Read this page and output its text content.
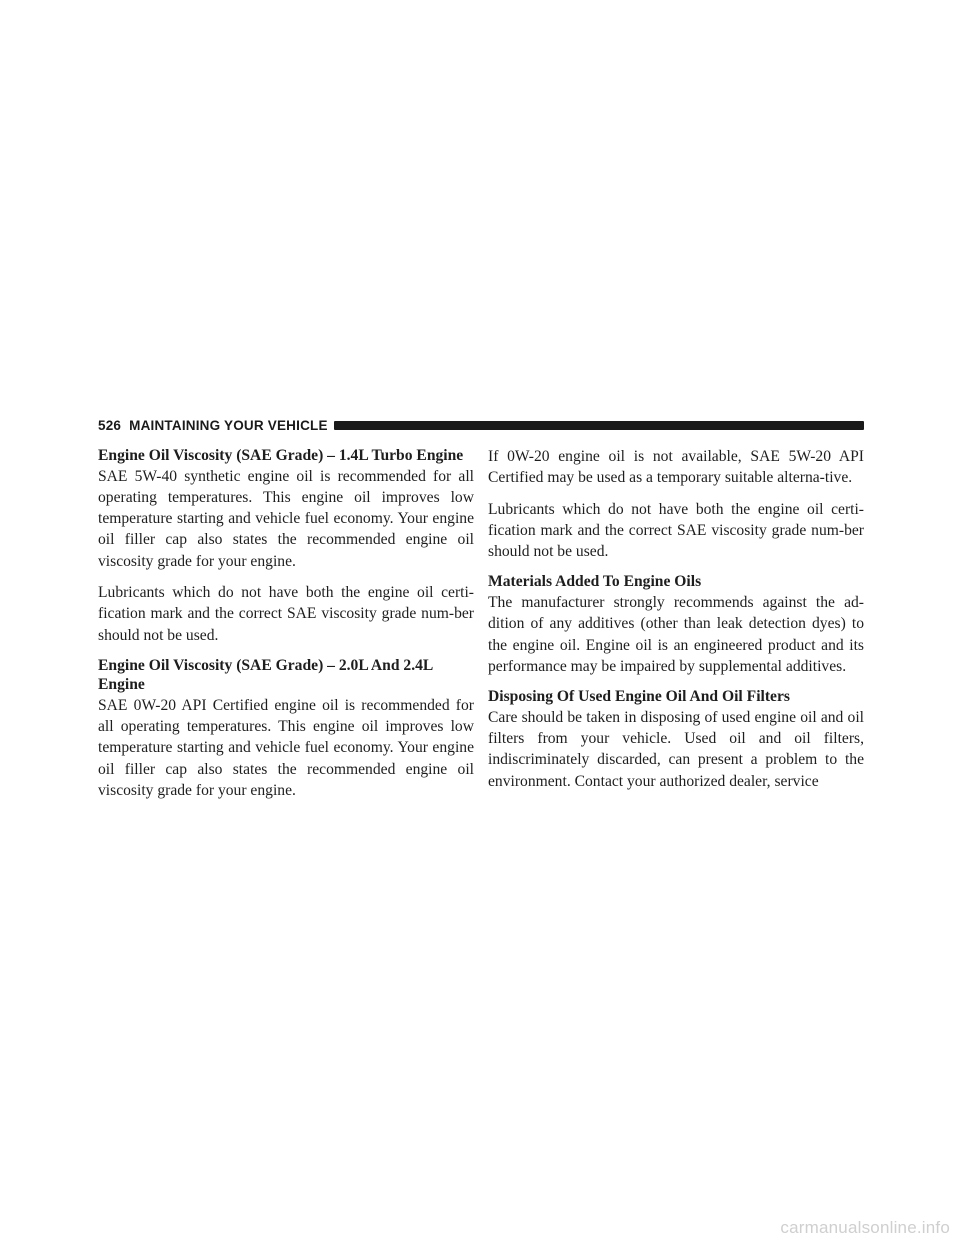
526 MAINTAINING YOUR VEHICLE
Engine Oil Viscosity (SAE Grade) – 1.4L Turbo Engine

SAE 5W-40 synthetic engine oil is recommended for all operating temperatures. This engine oil improves low temperature starting and vehicle fuel economy. Your engine oil filler cap also states the recommended engine oil viscosity grade for your engine.

Lubricants which do not have both the engine oil certi-fication mark and the correct SAE viscosity grade num-ber should not be used.

Engine Oil Viscosity (SAE Grade) – 2.0L And 2.4L Engine

SAE 0W-20 API Certified engine oil is recommended for all operating temperatures. This engine oil improves low temperature starting and vehicle fuel economy. Your engine oil filler cap also states the recommended engine oil viscosity grade for your engine.

If 0W-20 engine oil is not available, SAE 5W-20 API Certified may be used as a temporary suitable alterna-tive.

Lubricants which do not have both the engine oil certi-fication mark and the correct SAE viscosity grade num-ber should not be used.

Materials Added To Engine Oils

The manufacturer strongly recommends against the ad-dition of any additives (other than leak detection dyes) to the engine oil. Engine oil is an engineered product and its performance may be impaired by supplemental additives.

Disposing Of Used Engine Oil And Oil Filters

Care should be taken in disposing of used engine oil and oil filters from your vehicle. Used oil and oil filters, indiscriminately discarded, can present a problem to the environment. Contact your authorized dealer, service

carmanualsonline.info
